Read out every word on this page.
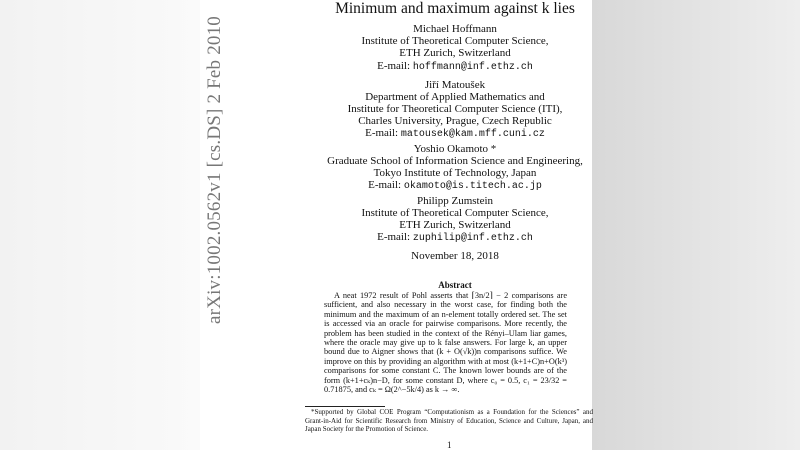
arXiv:1002.0562v1 [cs.DS] 2 Feb 2010
Minimum and maximum against k lies
Michael Hoffmann
Institute of Theoretical Computer Science,
ETH Zurich, Switzerland
E-mail: hoffmann@inf.ethz.ch
Jiří Matoušek
Department of Applied Mathematics and
Institute for Theoretical Computer Science (ITI),
Charles University, Prague, Czech Republic
E-mail: matousek@kam.mff.cuni.cz
Yoshio Okamoto *
Graduate School of Information Science and Engineering,
Tokyo Institute of Technology, Japan
E-mail: okamoto@is.titech.ac.jp
Philipp Zumstein
Institute of Theoretical Computer Science,
ETH Zurich, Switzerland
E-mail: zuphilip@inf.ethz.ch
November 18, 2018
Abstract
A neat 1972 result of Pohl asserts that ⌈3n/2⌉ − 2 comparisons are sufficient, and also necessary in the worst case, for finding both the minimum and the maximum of an n-element totally ordered set. The set is accessed via an oracle for pairwise comparisons. More recently, the problem has been studied in the context of the Rényi–Ulam liar games, where the oracle may give up to k false answers. For large k, an upper bound due to Aigner shows that (k + O(√k))n comparisons suffice. We improve on this by providing an algorithm with at most (k+1+C)n+O(k³) comparisons for some constant C. The known lower bounds are of the form (k+1+cₖ)n−D, for some constant D, where c₀ = 0.5, c₁ = 23/32 = 0.71875, and cₖ = Ω(2^−5k/4) as k → ∞.
*Supported by Global COE Program “Computationism as a Foundation for the Sciences” and Grant-in-Aid for Scientific Research from Ministry of Education, Science and Culture, Japan, and Japan Society for the Promotion of Science.
1
